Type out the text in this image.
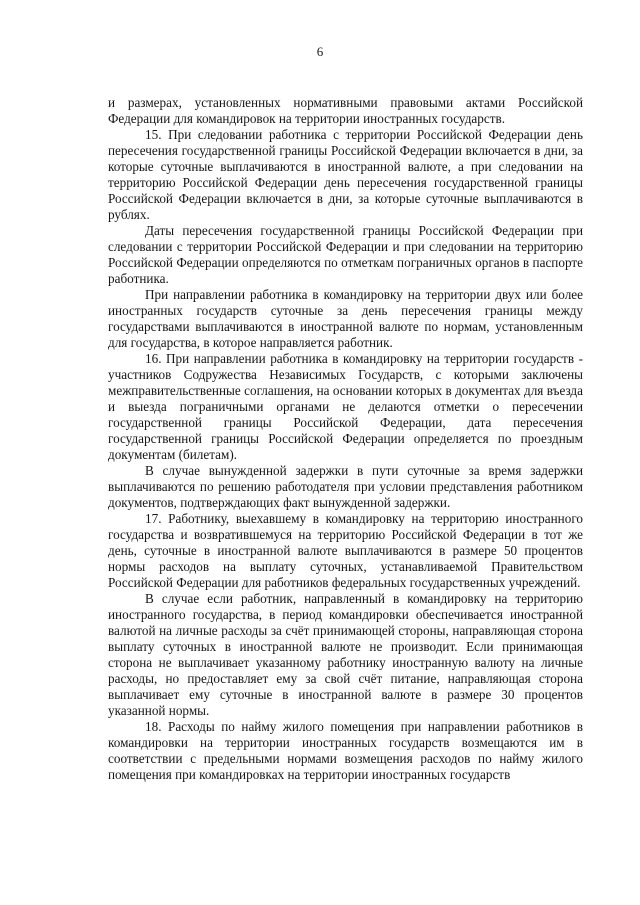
6

и размерах, установленных нормативными правовыми актами Российской Федерации для командировок на территории иностранных государств.

15. При следовании работника с территории Российской Федерации день пересечения государственной границы Российской Федерации включается в дни, за которые суточные выплачиваются в иностранной валюте, а при следовании на территорию Российской Федерации день пересечения государственной границы Российской Федерации включается в дни, за которые суточные выплачиваются в рублях.

Даты пересечения государственной границы Российской Федерации при следовании с территории Российской Федерации и при следовании на территорию Российской Федерации определяются по отметкам пограничных органов в паспорте работника.

При направлении работника в командировку на территории двух или более иностранных государств суточные за день пересечения границы между государствами выплачиваются в иностранной валюте по нормам, установленным для государства, в которое направляется работник.

16. При направлении работника в командировку на территории государств - участников Содружества Независимых Государств, с которыми заключены межправительственные соглашения, на основании которых в документах для въезда и выезда пограничными органами не делаются отметки о пересечении государственной границы Российской Федерации, дата пересечения государственной границы Российской Федерации определяется по проездным документам (билетам).

В случае вынужденной задержки в пути суточные за время задержки выплачиваются по решению работодателя при условии представления работником документов, подтверждающих факт вынужденной задержки.

17. Работнику, выехавшему в командировку на территорию иностранного государства и возвратившемуся на территорию Российской Федерации в тот же день, суточные в иностранной валюте выплачиваются в размере 50 процентов нормы расходов на выплату суточных, устанавливаемой Правительством Российской Федерации для работников федеральных государственных учреждений.

В случае если работник, направленный в командировку на территорию иностранного государства, в период командировки обеспечивается иностранной валютой на личные расходы за счёт принимающей стороны, направляющая сторона выплату суточных в иностранной валюте не производит. Если принимающая сторона не выплачивает указанному работнику иностранную валюту на личные расходы, но предоставляет ему за свой счёт питание, направляющая сторона выплачивает ему суточные в иностранной валюте в размере 30 процентов указанной нормы.

18. Расходы по найму жилого помещения при направлении работников в командировки на территории иностранных государств возмещаются им в соответствии с предельными нормами возмещения расходов по найму жилого помещения при командировках на территории иностранных государств
